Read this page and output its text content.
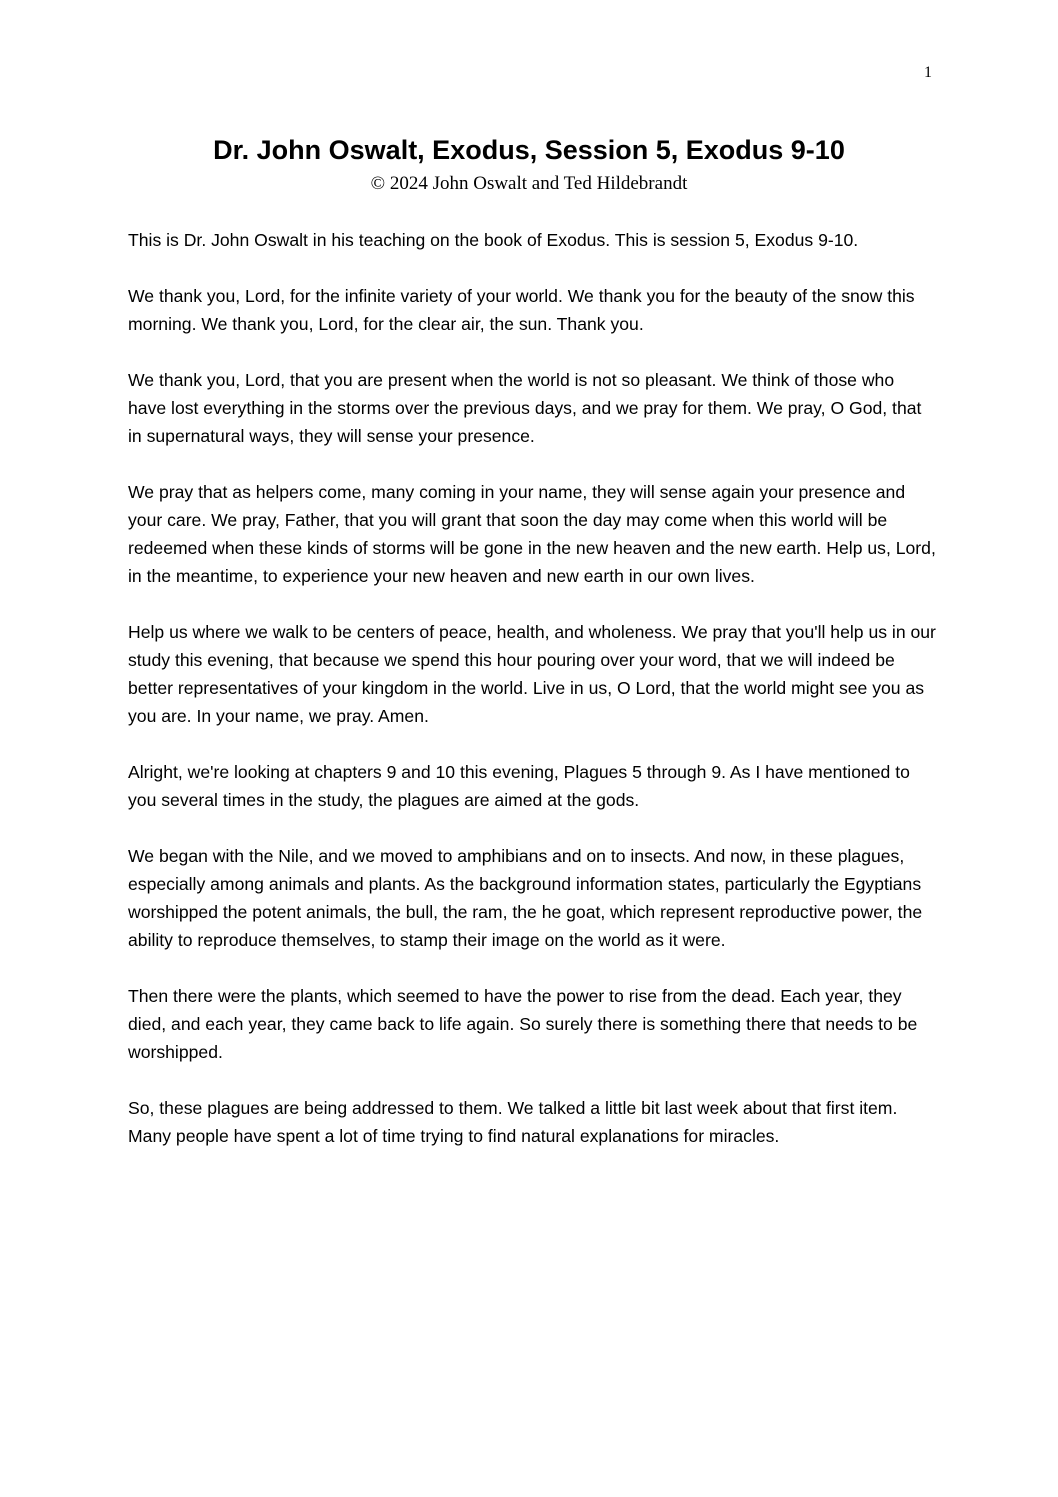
1
Dr. John Oswalt, Exodus, Session 5, Exodus 9-10
© 2024 John Oswalt and Ted Hildebrandt

This is Dr. John Oswalt in his teaching on the book of Exodus. This is session 5, Exodus 9-10.

We thank you, Lord, for the infinite variety of your world. We thank you for the beauty of the snow this morning. We thank you, Lord, for the clear air, the sun. Thank you.

We thank you, Lord, that you are present when the world is not so pleasant. We think of those who have lost everything in the storms over the previous days, and we pray for them. We pray, O God, that in supernatural ways, they will sense your presence.

We pray that as helpers come, many coming in your name, they will sense again your presence and your care. We pray, Father, that you will grant that soon the day may come when this world will be redeemed when these kinds of storms will be gone in the new heaven and the new earth. Help us, Lord, in the meantime, to experience your new heaven and new earth in our own lives.

Help us where we walk to be centers of peace, health, and wholeness. We pray that you'll help us in our study this evening, that because we spend this hour pouring over your word, that we will indeed be better representatives of your kingdom in the world. Live in us, O Lord, that the world might see you as you are. In your name, we pray. Amen.

Alright, we're looking at chapters 9 and 10 this evening, Plagues 5 through 9. As I have mentioned to you several times in the study, the plagues are aimed at the gods.

We began with the Nile, and we moved to amphibians and on to insects. And now, in these plagues, especially among animals and plants. As the background information states, particularly the Egyptians worshipped the potent animals, the bull, the ram, the he goat, which represent reproductive power, the ability to reproduce themselves, to stamp their image on the world as it were.

Then there were the plants, which seemed to have the power to rise from the dead. Each year, they died, and each year, they came back to life again. So surely there is something there that needs to be worshipped.

So, these plagues are being addressed to them. We talked a little bit last week about that first item. Many people have spent a lot of time trying to find natural explanations for miracles.
